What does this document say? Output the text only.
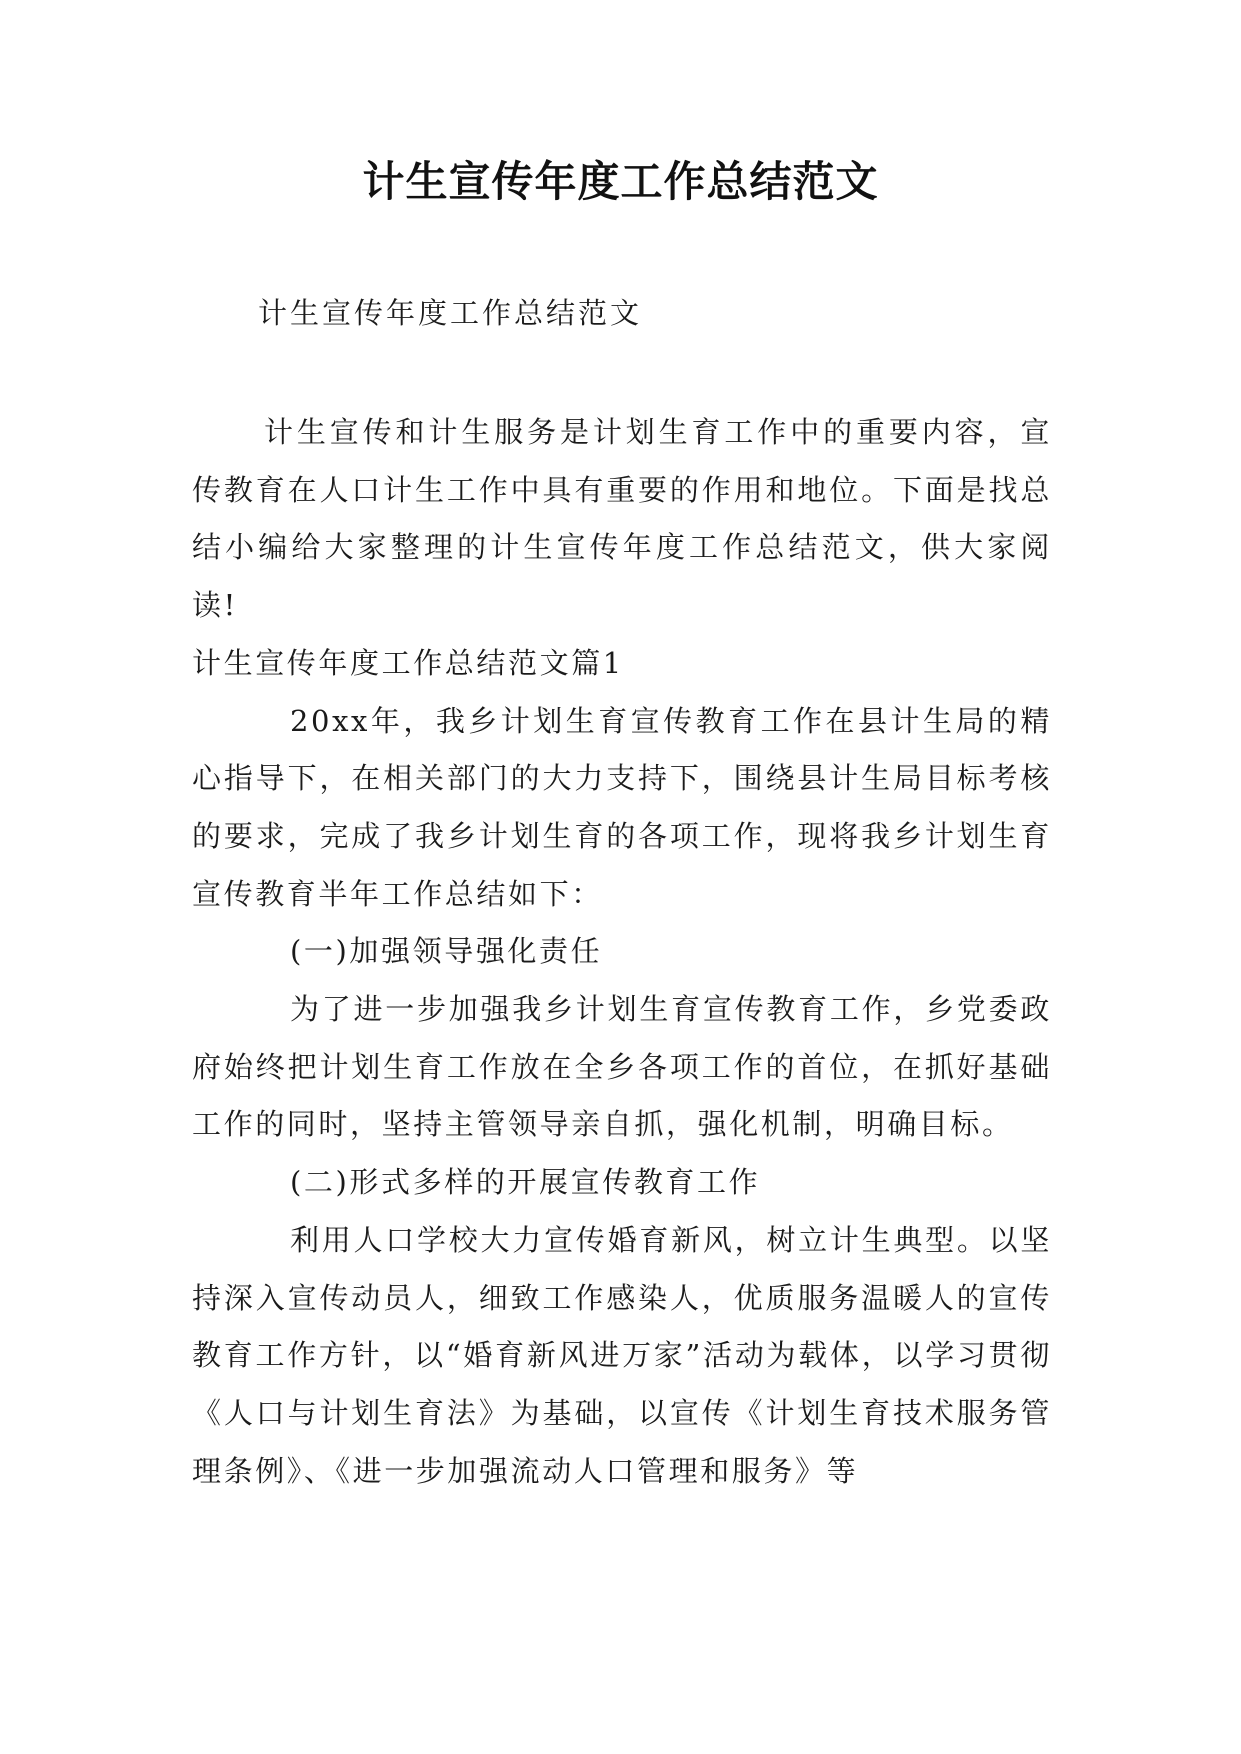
计生宣传年度工作总结范文
计生宣传年度工作总结范文

计生宣传和计生服务是计划生育工作中的重要内容，宣传教育在人口计生工作中具有重要的作用和地位。下面是找总结小编给大家整理的计生宣传年度工作总结范文，供大家阅读!

计生宣传年度工作总结范文篇1

20xx年，我乡计划生育宣传教育工作在县计生局的精心指导下，在相关部门的大力支持下，围绕县计生局目标考核的要求，完成了我乡计划生育的各项工作，现将我乡计划生育宣传教育半年工作总结如下：

(一)加强领导强化责任

为了进一步加强我乡计划生育宣传教育工作，乡党委政府始终把计划生育工作放在全乡各项工作的首位，在抓好基础工作的同时，坚持主管领导亲自抓，强化机制，明确目标。

(二)形式多样的开展宣传教育工作

利用人口学校大力宣传婚育新风，树立计生典型。以坚持深入宣传动员人，细致工作感染人，优质服务温暖人的宣传教育工作方针，以“婚育新风进万家”活动为载体，以学习贯彻《人口与计划生育法》为基础，以宣传《计划生育技术服务管理条例》、《进一步加强流动人口管理和服务》等
